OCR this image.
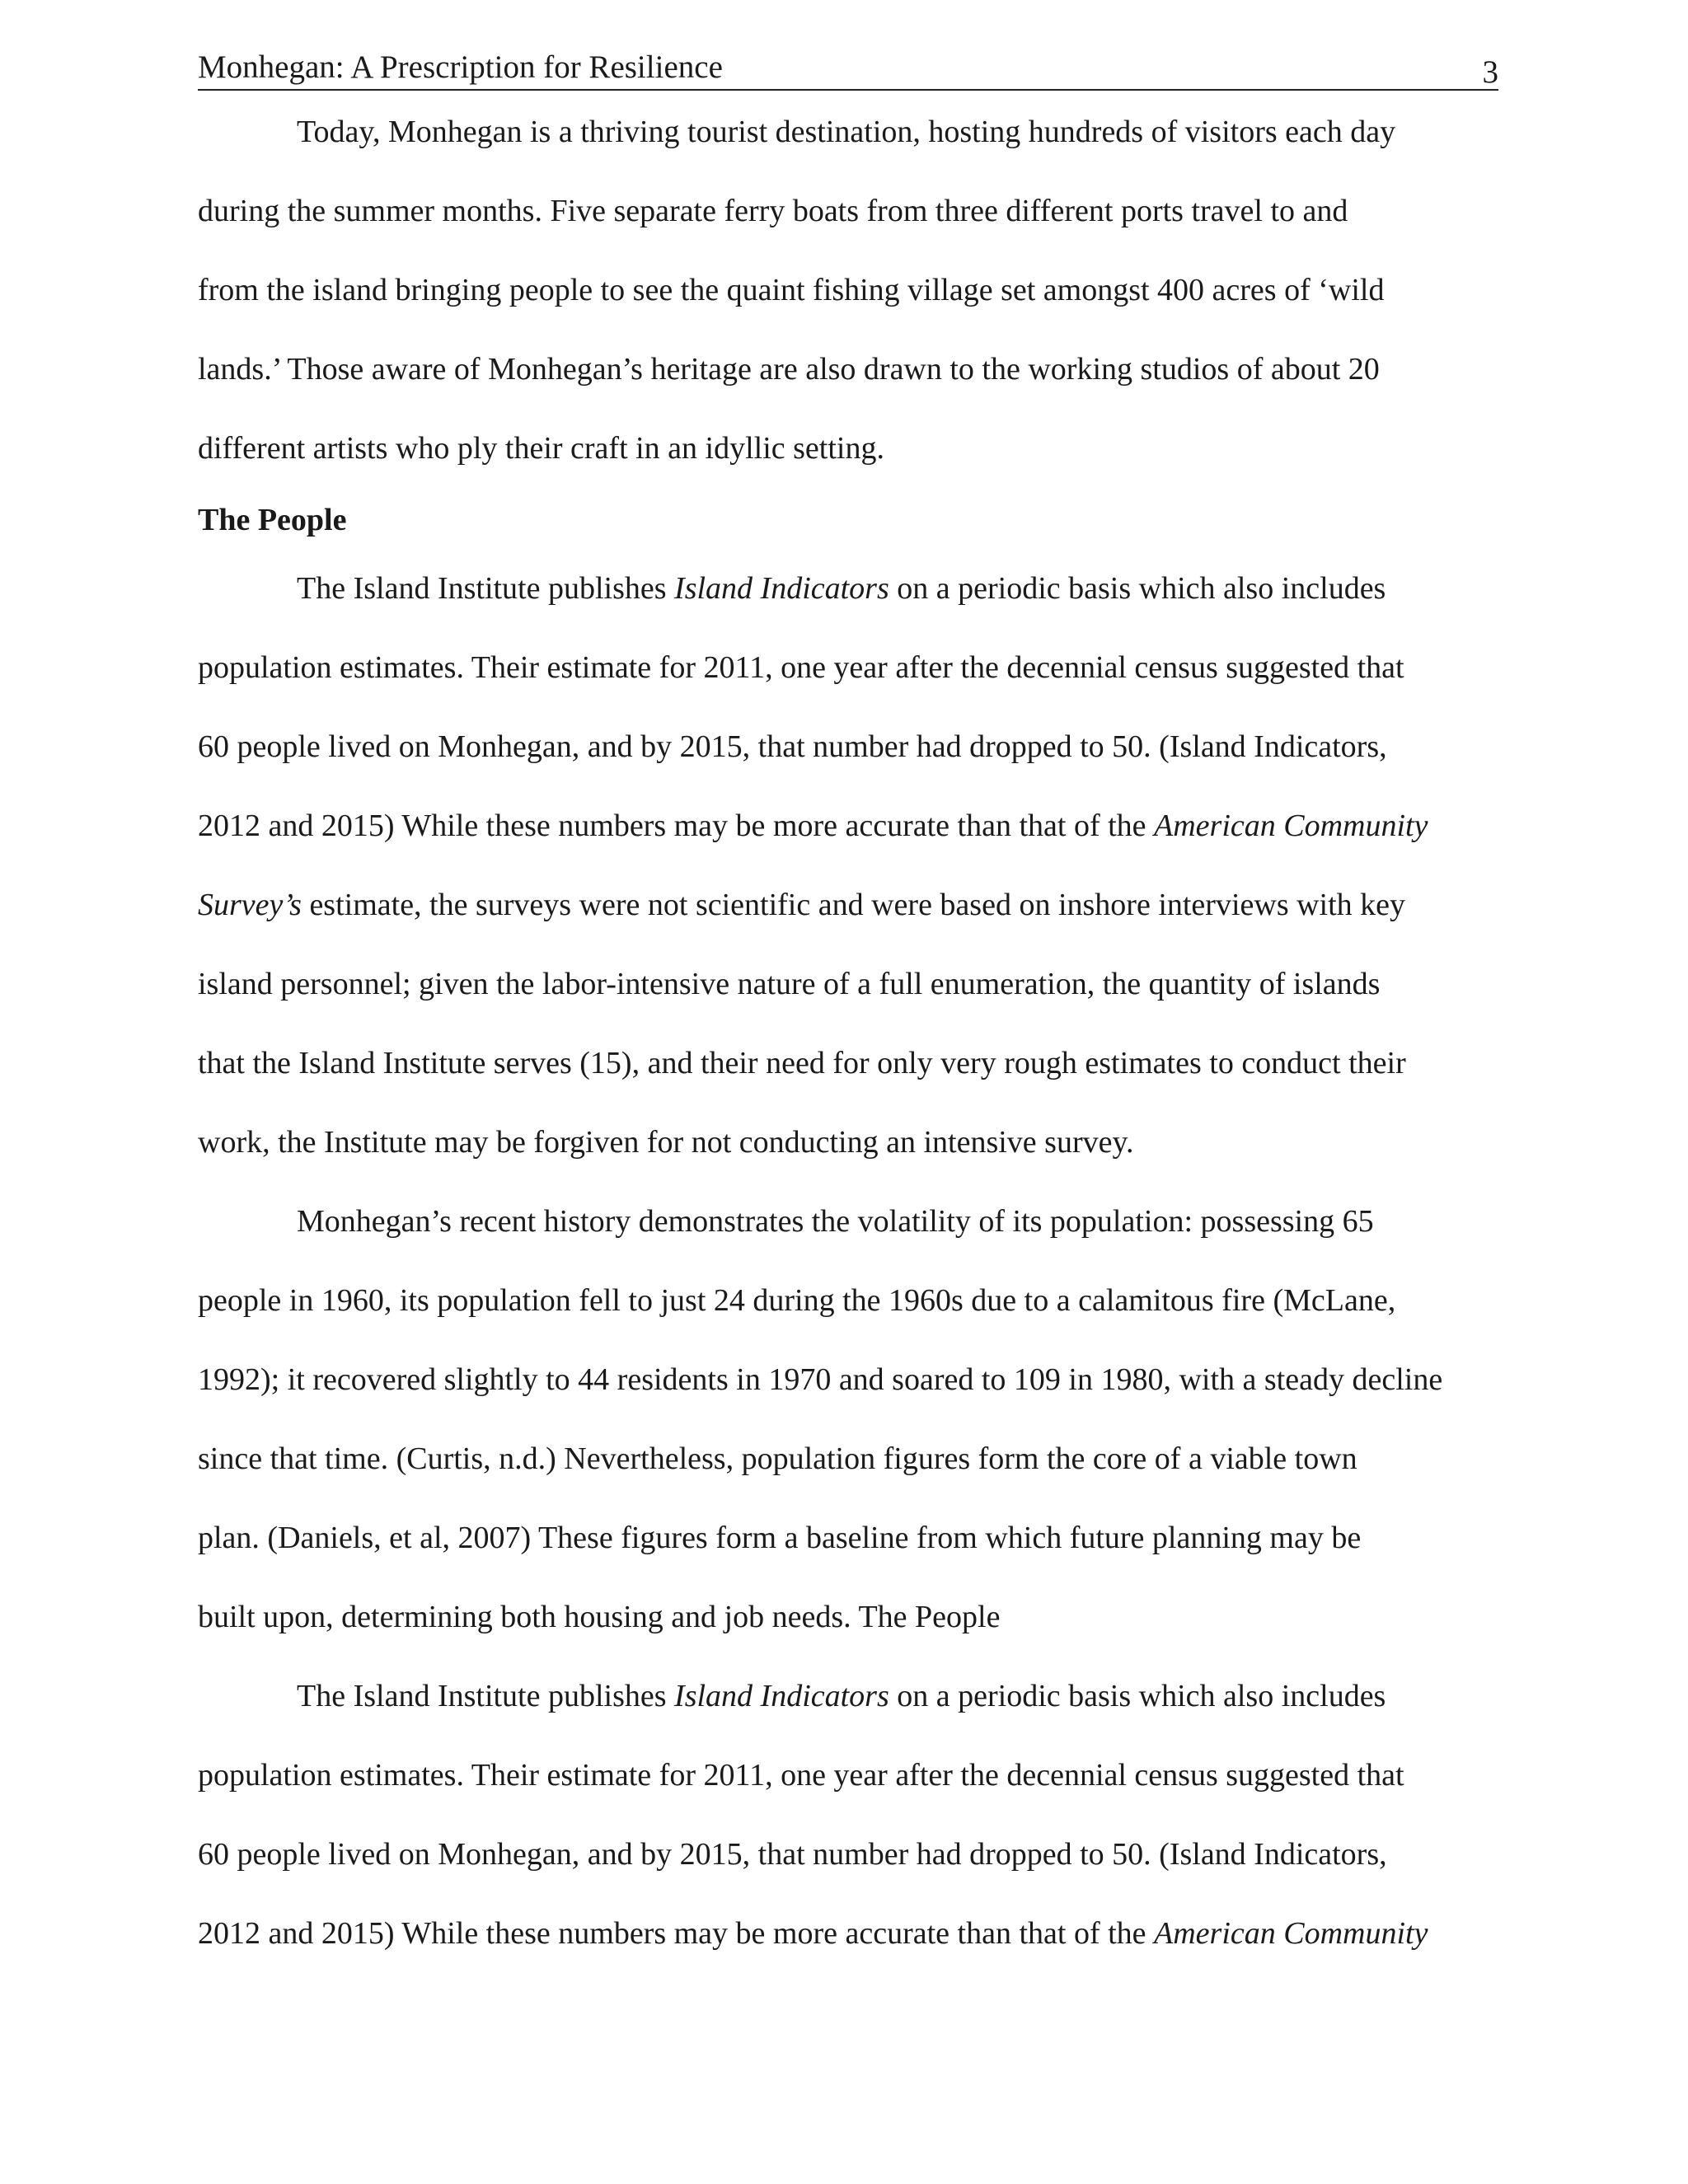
Monhegan: A Prescription for Resilience	3
Today, Monhegan is a thriving tourist destination, hosting hundreds of visitors each day
during the summer months. Five separate ferry boats from three different ports travel to and
from the island bringing people to see the quaint fishing village set amongst 400 acres of ‘wild
lands.’ Those aware of Monhegan’s heritage are also drawn to the working studios of about 20
different artists who ply their craft in an idyllic setting.
The People
The Island Institute publishes Island Indicators on a periodic basis which also includes
population estimates. Their estimate for 2011, one year after the decennial census suggested that
60 people lived on Monhegan, and by 2015, that number had dropped to 50. (Island Indicators,
2012 and 2015) While these numbers may be more accurate than that of the American Community
Survey’s estimate, the surveys were not scientific and were based on inshore interviews with key
island personnel; given the labor-intensive nature of a full enumeration, the quantity of islands
that the Island Institute serves (15), and their need for only very rough estimates to conduct their
work, the Institute may be forgiven for not conducting an intensive survey.
Monhegan’s recent history demonstrates the volatility of its population: possessing 65
people in 1960, its population fell to just 24 during the 1960s due to a calamitous fire (McLane,
1992); it recovered slightly to 44 residents in 1970 and soared to 109 in 1980, with a steady decline
since that time. (Curtis, n.d.) Nevertheless, population figures form the core of a viable town
plan. (Daniels, et al, 2007) These figures form a baseline from which future planning may be
built upon, determining both housing and job needs. The People
The Island Institute publishes Island Indicators on a periodic basis which also includes
population estimates. Their estimate for 2011, one year after the decennial census suggested that
60 people lived on Monhegan, and by 2015, that number had dropped to 50. (Island Indicators,
2012 and 2015) While these numbers may be more accurate than that of the American Community
